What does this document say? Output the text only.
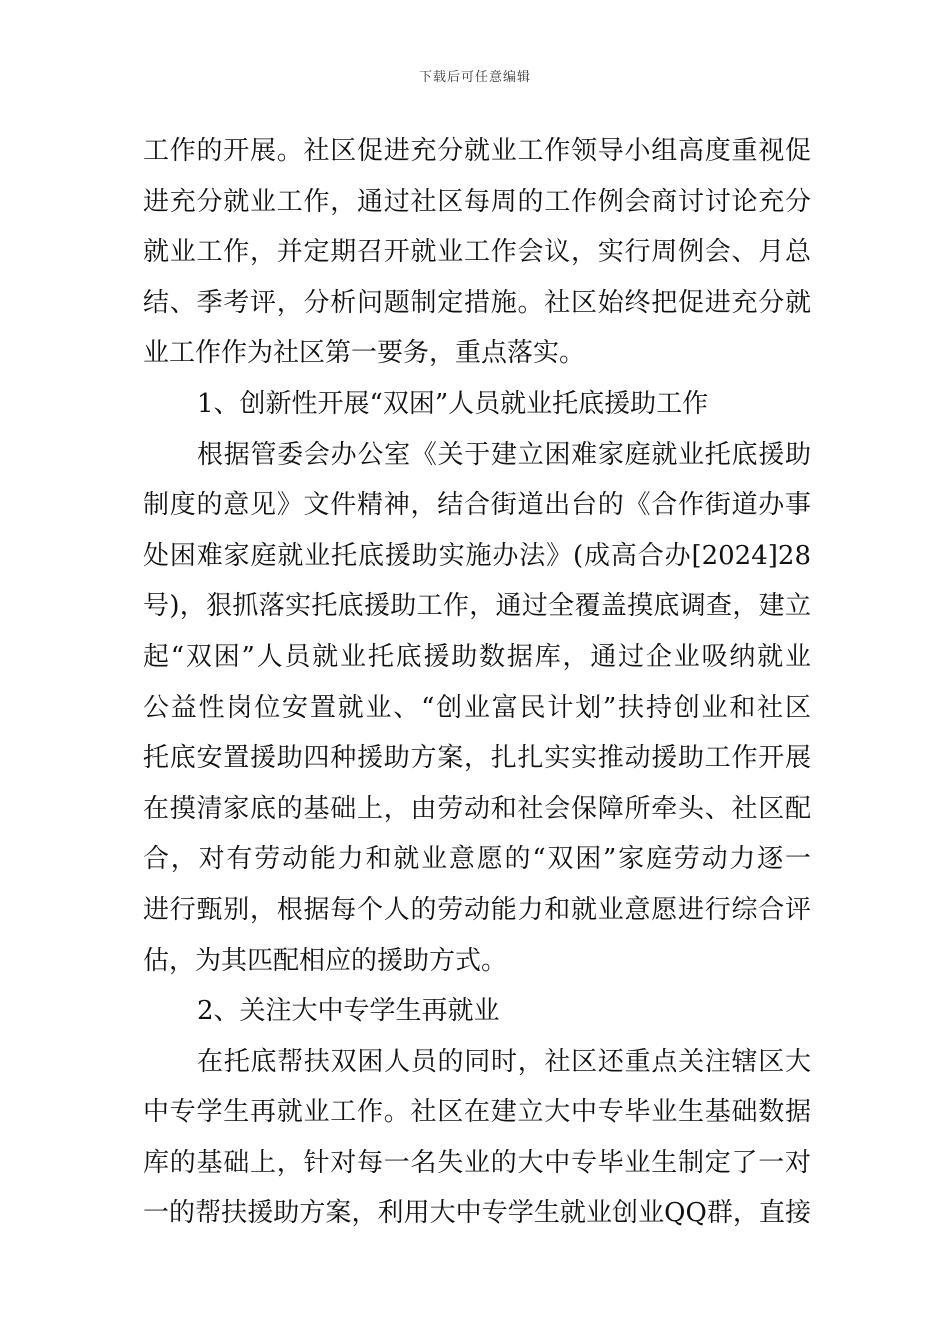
下载后可任意编辑
工作的开展。社区促进充分就业工作领导小组高度重视促
进充分就业工作，通过社区每周的工作例会商讨讨论充分
就业工作，并定期召开就业工作会议，实行周例会、月总
结、季考评，分析问题制定措施。社区始终把促进充分就
业工作作为社区第一要务，重点落实。
1、创新性开展“双困”人员就业托底援助工作
根据管委会办公室《关于建立困难家庭就业托底援助
制度的意见》文件精神，结合街道出台的《合作街道办事
处困难家庭就业托底援助实施办法》(成高合办[2024]28
号)，狠抓落实托底援助工作，通过全覆盖摸底调查，建立
起“双困”人员就业托底援助数据库，通过企业吸纳就业
公益性岗位安置就业、“创业富民计划”扶持创业和社区
托底安置援助四种援助方案，扎扎实实推动援助工作开展
在摸清家底的基础上，由劳动和社会保障所牵头、社区配
合，对有劳动能力和就业意愿的“双困”家庭劳动力逐一
进行甄别，根据每个人的劳动能力和就业意愿进行综合评
估，为其匹配相应的援助方式。
2、关注大中专学生再就业
在托底帮扶双困人员的同时，社区还重点关注辖区大
中专学生再就业工作。社区在建立大中专毕业生基础数据
库的基础上，针对每一名失业的大中专毕业生制定了一对
一的帮扶援助方案，利用大中专学生就业创业QQ群，直接
